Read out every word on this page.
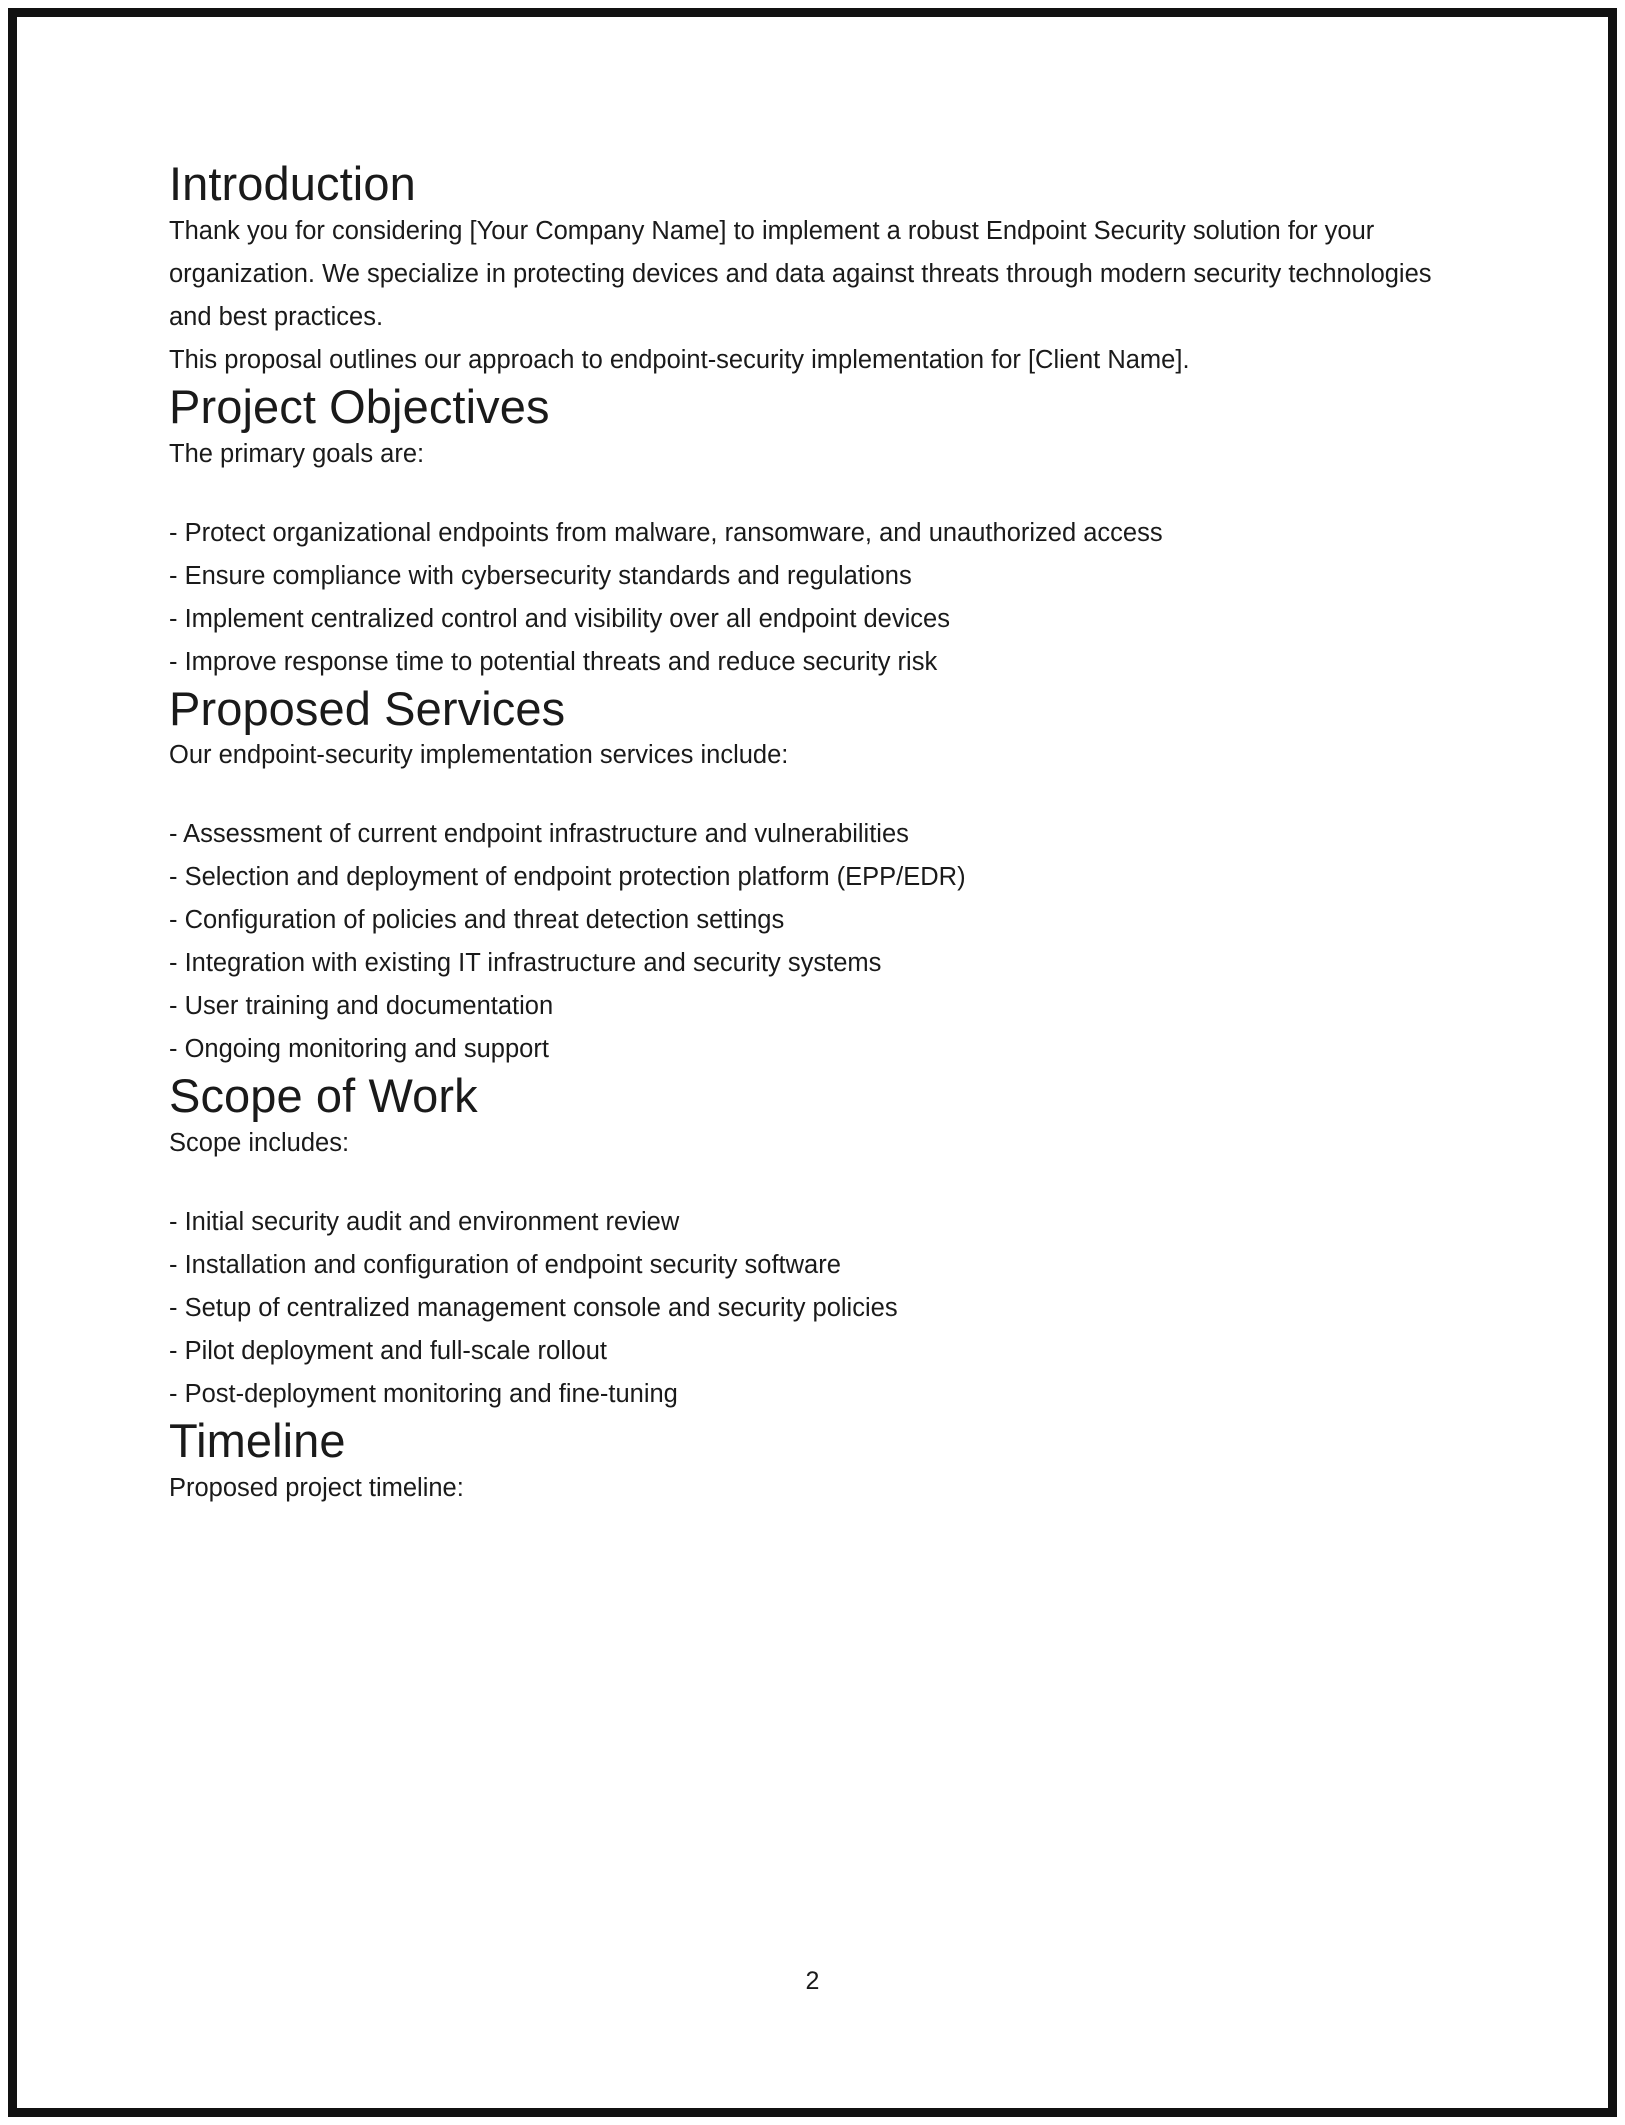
Introduction

Thank you for considering [Your Company Name] to implement a robust Endpoint Security solution for your organization. We specialize in protecting devices and data against threats through modern security technologies and best practices.

This proposal outlines our approach to endpoint-security implementation for [Client Name].

Project Objectives

The primary goals are:

- Protect organizational endpoints from malware, ransomware, and unauthorized access
- Ensure compliance with cybersecurity standards and regulations
- Implement centralized control and visibility over all endpoint devices
- Improve response time to potential threats and reduce security risk
Proposed Services

Our endpoint-security implementation services include:

- Assessment of current endpoint infrastructure and vulnerabilities
- Selection and deployment of endpoint protection platform (EPP/EDR)
- Configuration of policies and threat detection settings
- Integration with existing IT infrastructure and security systems
- User training and documentation
- Ongoing monitoring and support
Scope of Work

Scope includes:

- Initial security audit and environment review
- Installation and configuration of endpoint security software
- Setup of centralized management console and security policies
- Pilot deployment and full-scale rollout
- Post-deployment monitoring and fine-tuning
Timeline

Proposed project timeline:

2
